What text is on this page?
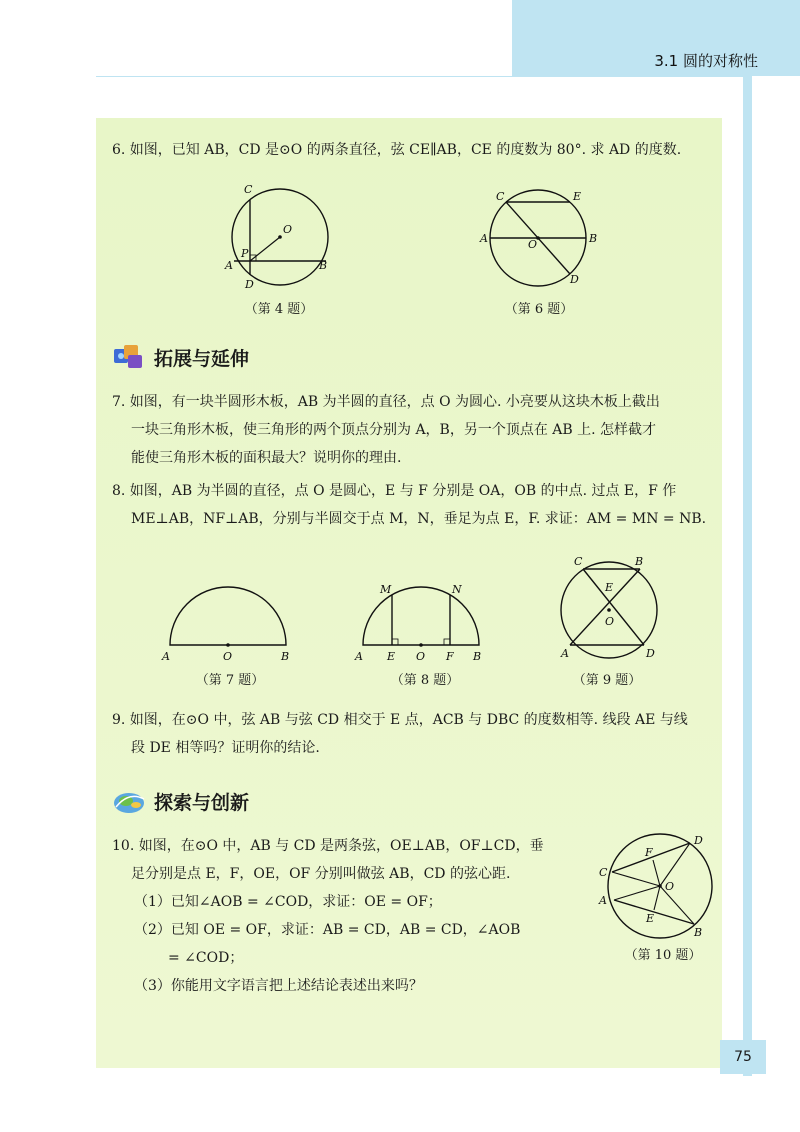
3.1 圆的对称性
6. 如图，已知 AB，CD 是⊙O 的两条直径，弦 CE∥AB，CE 的度数为 80°. 求 AD 的度数.
C
O
P
A	B
D
（第 4 题）
C	E
A	O	B
D
（第 6 题）
拓展与延伸
7. 如图，有一块半圆形木板，AB 为半圆的直径，点 O 为圆心. 小亮要从这块木板上截出
一块三角形木板，使三角形的两个顶点分别为 A，B，另一个顶点在 AB 上. 怎样截才
能使三角形木板的面积最大？说明你的理由.
8. 如图，AB 为半圆的直径，点 O 是圆心，E 与 F 分别是 OA，OB 的中点. 过点 E，F 作
ME⊥AB，NF⊥AB，分别与半圆交于点 M，N，垂足为点 E，F. 求证：AM = MN = NB.
A	O	B
（第 7 题）
M	N
A E O F B
（第 8 题）
C	B
E
O
A	D
（第 9 题）
9. 如图，在⊙O 中，弦 AB 与弦 CD 相交于 E 点，ACB 与 DBC 的度数相等. 线段 AE 与线
段 DE 相等吗？证明你的结论.
探索与创新
10. 如图，在⊙O 中，AB 与 CD 是两条弦，OE⊥AB，OF⊥CD，垂
足分别是点 E，F，OE，OF 分别叫做弦 AB，CD 的弦心距.
（1）已知∠AOB = ∠COD，求证：OE = OF；
（2）已知 OE = OF，求证：AB = CD，AB = CD，∠AOB
= ∠COD；
（3）你能用文字语言把上述结论表述出来吗？
D
F
C
O
A
E
B
（第 10 题）
75
